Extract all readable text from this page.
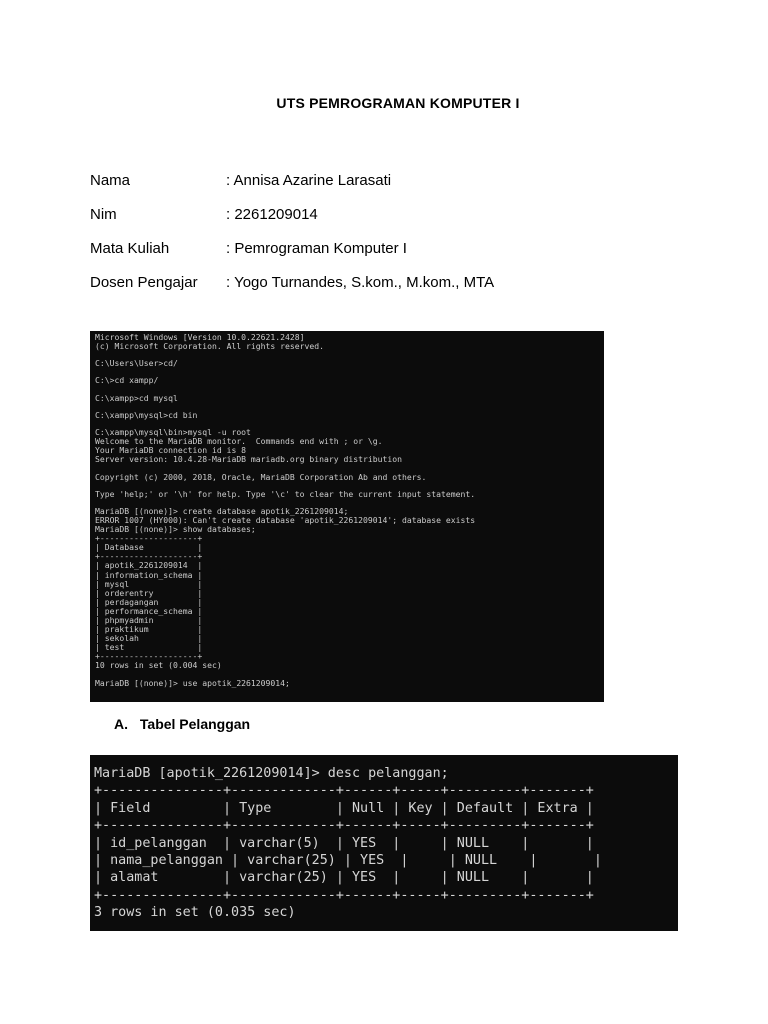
UTS PEMROGRAMAN KOMPUTER I
Nama	: Annisa Azarine Larasati
Nim	: 2261209014
Mata Kuliah	: Pemrograman Komputer I
Dosen Pengajar	: Yogo Turnandes, S.kom., M.kom., MTA
Microsoft Windows [Version 10.0.22621.2428]
(c) Microsoft Corporation. All rights reserved.
C:\Users\User>cd/
C:\>cd xampp/
C:\xampp>cd mysql
C:\xampp\mysql>cd bin
C:\xampp\mysql\bin>mysql -u root
Welcome to the MariaDB monitor.  Commands end with ; or \g.
Your MariaDB connection id is 8
Server version: 10.4.28-MariaDB mariadb.org binary distribution
Copyright (c) 2000, 2018, Oracle, MariaDB Corporation Ab and others.
Type 'help;' or '\h' for help. Type '\c' to clear the current input statement.
MariaDB [(none)]> create database apotik_2261209014;
ERROR 1007 (HY000): Can't create database 'apotik_2261209014'; database exists
MariaDB [(none)]> show databases;
+--------------------+
| Database           |
+--------------------+
| apotik_2261209014  |
| information_schema |
| mysql              |
| orderentry         |
| perdagangan        |
| performance_schema |
| phpmyadmin         |
| praktikum          |
| sekolah            |
| test               |
+--------------------+
10 rows in set (0.004 sec)
MariaDB [(none)]> use apotik_2261209014;
A. Tabel Pelanggan
MariaDB [apotik_2261209014]> desc pelanggan;
+---------------+-------------+------+-----+---------+-------+
| Field         | Type        | Null | Key | Default | Extra |
+---------------+-------------+------+-----+---------+-------+
| id_pelanggan  | varchar(5)  | YES  |     | NULL    |       |
| nama_pelanggan | varchar(25) | YES  |     | NULL    |       |
| alamat        | varchar(25) | YES  |     | NULL    |       |
+---------------+-------------+------+-----+---------+-------+
3 rows in set (0.035 sec)
